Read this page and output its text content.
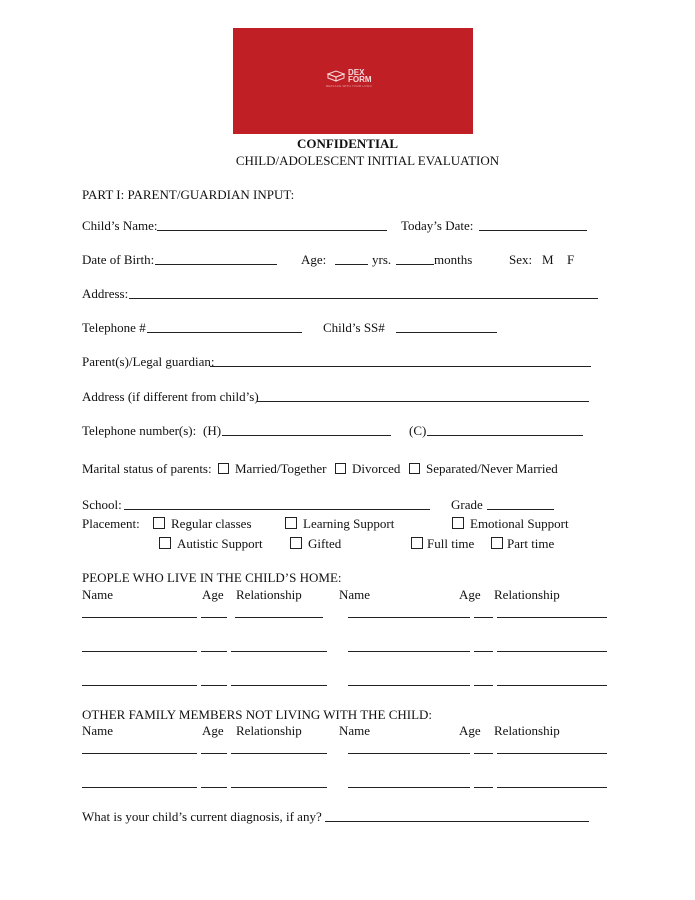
DEX
FORM
REPLACE WITH YOUR LOGO
CONFIDENTIAL
CHILD/ADOLESCENT INITIAL EVALUATION
PART I: PARENT/GUARDIAN INPUT:
Child’s Name:	Today’s Date:
Date of Birth:	Age:	yrs.	months	Sex: M F
Address:
Telephone #	Child’s SS#
Parent(s)/Legal guardian:
Address (if different from child’s)
Telephone number(s): (H)	(C)
Marital status of parents:	Married/Together	Divorced	Separated/Never Married
School:	Grade
Placement:	Regular classes	Learning Support	Emotional Support
Autistic Support	Gifted	Full time	Part time
PEOPLE WHO LIVE IN THE CHILD’S HOME:
Name	Age Relationship	Name	Age Relationship
OTHER FAMILY MEMBERS NOT LIVING WITH THE CHILD:
Name	Age Relationship	Name	Age Relationship
What is your child’s current diagnosis, if any?
